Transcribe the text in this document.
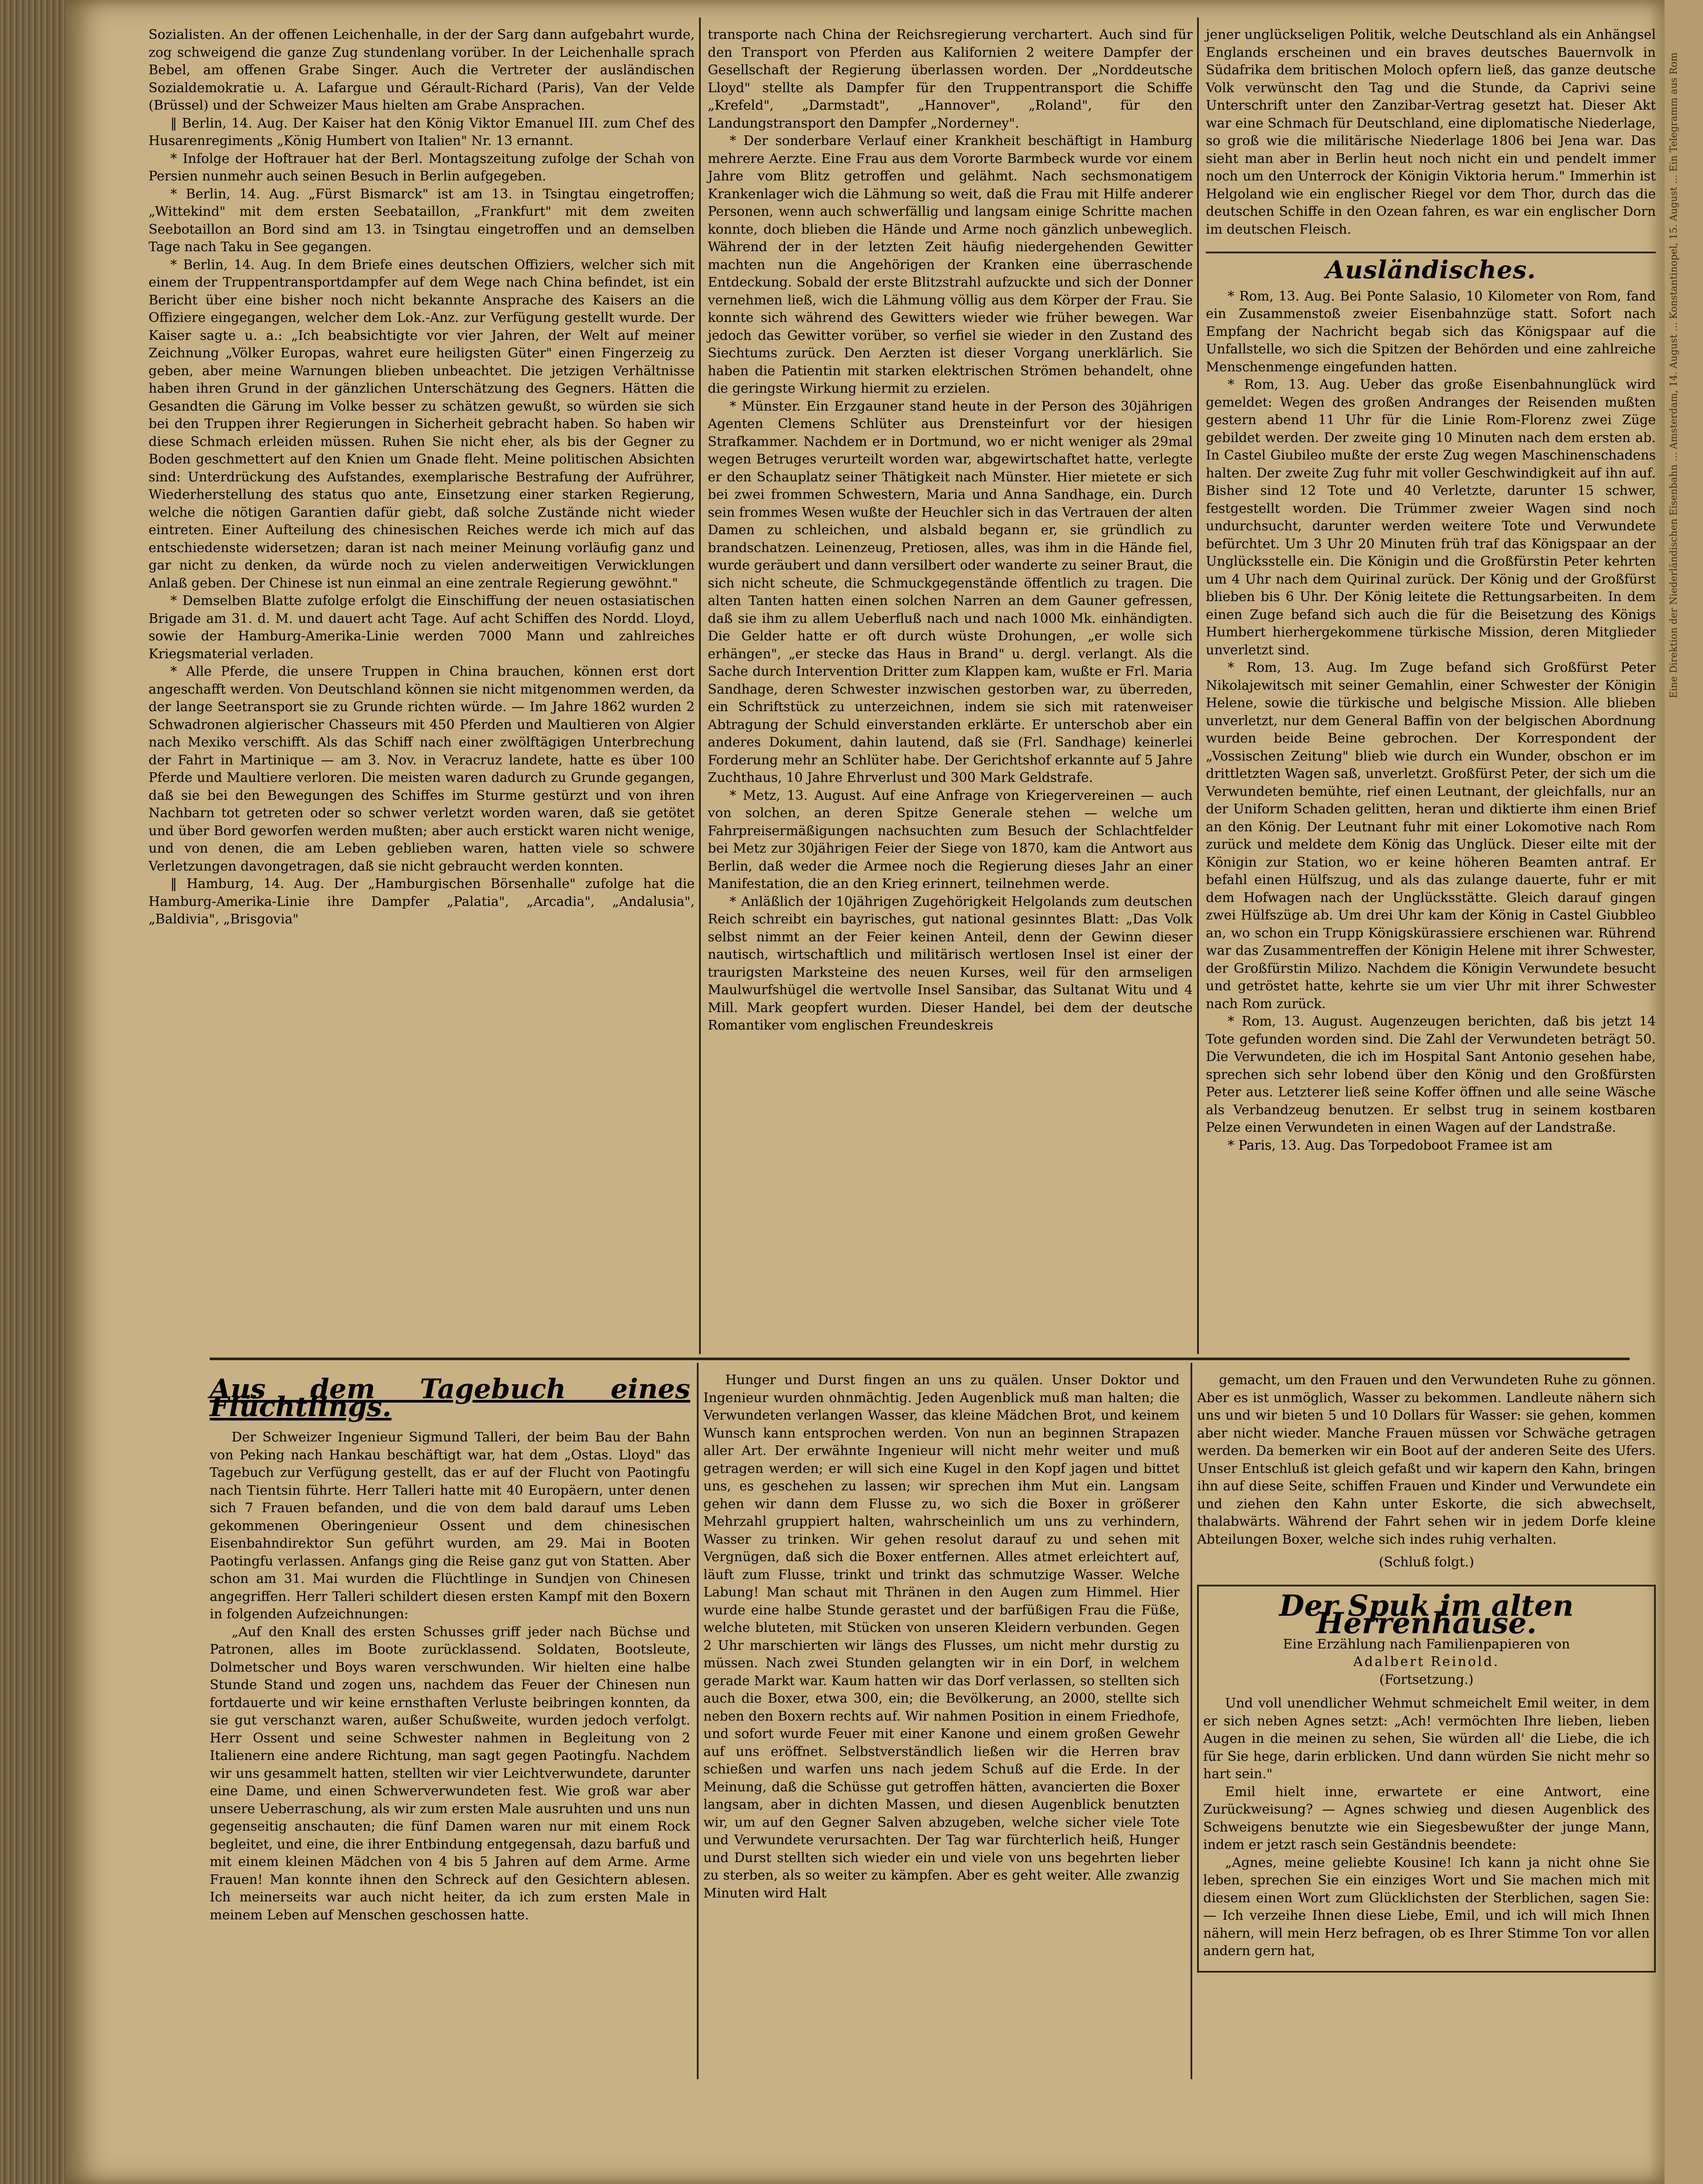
Sozialisten. An der offenen Leichenhalle, in der der Sarg dann aufgebahrt wurde, zog schweigend die ganze Zug stundenlang vorüber. In der Leichenhalle sprach Bebel, am offenen Grabe Singer. Auch die Vertreter der ausländischen Sozialdemokratie u. A. Lafargue und Gérault-Richard (Paris), Van der Velde (Brüssel) und der Schweizer Maus hielten am Grabe Ansprachen.

‖ Berlin, 14. Aug. Der Kaiser hat den König Viktor Emanuel III. zum Chef des Husarenregiments „König Humbert von Italien" Nr. 13 ernannt.

* Infolge der Hoftrauer hat der Berl. Montagszeitung zufolge der Schah von Persien nunmehr auch seinen Besuch in Berlin aufgegeben.

* Berlin, 14. Aug. „Fürst Bismarck" ist am 13. in Tsingtau eingetroffen; „Wittekind" mit dem ersten Seebataillon, „Frankfurt" mit dem zweiten Seebotaillon an Bord sind am 13. in Tsingtau eingetroffen und an demselben Tage nach Taku in See gegangen.

* Berlin, 14. Aug. In dem Briefe eines deutschen Offiziers, welcher sich mit einem der Truppentransportdampfer auf dem Wege nach China befindet, ist ein Bericht über eine bisher noch nicht bekannte Ansprache des Kaisers an die Offiziere eingegangen, welcher dem Lok.-Anz. zur Verfügung gestellt wurde. Der Kaiser sagte u. a.: „Ich beabsichtigte vor vier Jahren, der Welt auf meiner Zeichnung „Völker Europas, wahret eure heiligsten Güter" einen Fingerzeig zu geben, aber meine Warnungen blieben unbeachtet. Die jetzigen Verhältnisse haben ihren Grund in der gänzlichen Unterschätzung des Gegners. Hätten die Gesandten die Gärung im Volke besser zu schätzen gewußt, so würden sie sich bei den Truppen ihrer Regierungen in Sicherheit gebracht haben. So haben wir diese Schmach erleiden müssen. Ruhen Sie nicht eher, als bis der Gegner zu Boden geschmettert auf den Knien um Gnade fleht. Meine politischen Absichten sind: Unterdrückung des Aufstandes, exemplarische Bestrafung der Aufrührer, Wiederherstellung des status quo ante, Einsetzung einer starken Regierung, welche die nötigen Garantien dafür giebt, daß solche Zustände nicht wieder eintreten. Einer Aufteilung des chinesischen Reiches werde ich mich auf das entschiedenste widersetzen; daran ist nach meiner Meinung vorläufig ganz und gar nicht zu denken, da würde noch zu vielen anderweitigen Verwicklungen Anlaß geben. Der Chinese ist nun einmal an eine zentrale Regierung gewöhnt."

* Demselben Blatte zufolge erfolgt die Einschiffung der neuen ostasiatischen Brigade am 31. d. M. und dauert acht Tage. Auf acht Schiffen des Nordd. Lloyd, sowie der Hamburg-Amerika-Linie werden 7000 Mann und zahlreiches Kriegsmaterial verladen.

* Alle Pferde, die unsere Truppen in China brauchen, können erst dort angeschafft werden. Von Deutschland können sie nicht mitgenommen werden, da der lange Seetransport sie zu Grunde richten würde. — Im Jahre 1862 wurden 2 Schwadronen algierischer Chasseurs mit 450 Pferden und Maultieren von Algier nach Mexiko verschifft. Als das Schiff nach einer zwölftägigen Unterbrechung der Fahrt in Martinique — am 3. Nov. in Veracruz landete, hatte es über 100 Pferde und Maultiere verloren. Die meisten waren dadurch zu Grunde gegangen, daß sie bei den Bewegungen des Schiffes im Sturme gestürzt und von ihren Nachbarn tot getreten oder so schwer verletzt worden waren, daß sie getötet und über Bord geworfen werden mußten; aber auch erstickt waren nicht wenige, und von denen, die am Leben geblieben waren, hatten viele so schwere Verletzungen davongetragen, daß sie nicht gebraucht werden konnten.

‖ Hamburg, 14. Aug. Der „Hamburgischen Börsenhalle" zufolge hat die Hamburg-Amerika-Linie ihre Dampfer „Palatia", „Arcadia", „Andalusia", „Baldivia", „Brisgovia"

transporte nach China der Reichsregierung verchartert. Auch sind für den Transport von Pferden aus Kalifornien 2 weitere Dampfer der Gesellschaft der Regierung überlassen worden. Der „Norddeutsche Lloyd" stellte als Dampfer für den Truppentransport die Schiffe „Krefeld", „Darmstadt", „Hannover", „Roland", für den Landungstransport den Dampfer „Norderney".

* Der sonderbare Verlauf einer Krankheit beschäftigt in Hamburg mehrere Aerzte. Eine Frau aus dem Vororte Barmbeck wurde vor einem Jahre vom Blitz getroffen und gelähmt. Nach sechsmonatigem Krankenlager wich die Lähmung so weit, daß die Frau mit Hilfe anderer Personen, wenn auch schwerfällig und langsam einige Schritte machen konnte, doch blieben die Hände und Arme noch gänzlich unbeweglich. Während der in der letzten Zeit häufig niedergehenden Gewitter machten nun die Angehörigen der Kranken eine überraschende Entdeckung. Sobald der erste Blitzstrahl aufzuckte und sich der Donner vernehmen ließ, wich die Lähmung völlig aus dem Körper der Frau. Sie konnte sich während des Gewitters wieder wie früher bewegen. War jedoch das Gewitter vorüber, so verfiel sie wieder in den Zustand des Siechtums zurück. Den Aerzten ist dieser Vorgang unerklärlich. Sie haben die Patientin mit starken elektrischen Strömen behandelt, ohne die geringste Wirkung hiermit zu erzielen.

* Münster. Ein Erzgauner stand heute in der Person des 30jährigen Agenten Clemens Schlüter aus Drensteinfurt vor der hiesigen Strafkammer. Nachdem er in Dortmund, wo er nicht weniger als 29mal wegen Betruges verurteilt worden war, abgewirtschaftet hatte, verlegte er den Schauplatz seiner Thätigkeit nach Münster. Hier mietete er sich bei zwei frommen Schwestern, Maria und Anna Sandhage, ein. Durch sein frommes Wesen wußte der Heuchler sich in das Vertrauen der alten Damen zu schleichen, und alsbald begann er, sie gründlich zu brandschatzen. Leinenzeug, Pretiosen, alles, was ihm in die Hände fiel, wurde geräubert und dann versilbert oder wanderte zu seiner Braut, die sich nicht scheute, die Schmuckgegenstände öffentlich zu tragen. Die alten Tanten hatten einen solchen Narren an dem Gauner gefressen, daß sie ihm zu allem Ueberfluß nach und nach 1000 Mk. einhändigten. Die Gelder hatte er oft durch wüste Drohungen, „er wolle sich erhängen", „er stecke das Haus in Brand" u. dergl. verlangt. Als die Sache durch Intervention Dritter zum Klappen kam, wußte er Frl. Maria Sandhage, deren Schwester inzwischen gestorben war, zu überreden, ein Schriftstück zu unterzeichnen, indem sie sich mit ratenweiser Abtragung der Schuld einverstanden erklärte. Er unterschob aber ein anderes Dokument, dahin lautend, daß sie (Frl. Sandhage) keinerlei Forderung mehr an Schlüter habe. Der Gerichtshof erkannte auf 5 Jahre Zuchthaus, 10 Jahre Ehrverlust und 300 Mark Geldstrafe.

* Metz, 13. August. Auf eine Anfrage von Kriegervereinen — auch von solchen, an deren Spitze Generale stehen — welche um Fahrpreisermäßigungen nachsuchten zum Besuch der Schlachtfelder bei Metz zur 30jährigen Feier der Siege von 1870, kam die Antwort aus Berlin, daß weder die Armee noch die Regierung dieses Jahr an einer Manifestation, die an den Krieg erinnert, teilnehmen werde.

* Anläßlich der 10jährigen Zugehörigkeit Helgolands zum deutschen Reich schreibt ein bayrisches, gut national gesinntes Blatt: „Das Volk selbst nimmt an der Feier keinen Anteil, denn der Gewinn dieser nautisch, wirtschaftlich und militärisch wertlosen Insel ist einer der traurigsten Marksteine des neuen Kurses, weil für den armseligen Maulwurfshügel die wertvolle Insel Sansibar, das Sultanat Witu und 4 Mill. Mark geopfert wurden. Dieser Handel, bei dem der deutsche Romantiker vom englischen Freundeskreis

jener unglückseligen Politik, welche Deutschland als ein Anhängsel Englands erscheinen und ein braves deutsches Bauernvolk in Südafrika dem britischen Moloch opfern ließ, das ganze deutsche Volk verwünscht den Tag und die Stunde, da Caprivi seine Unterschrift unter den Zanzibar-Vertrag gesetzt hat. Dieser Akt war eine Schmach für Deutschland, eine diplomatische Niederlage, so groß wie die militärische Niederlage 1806 bei Jena war. Das sieht man aber in Berlin heut noch nicht ein und pendelt immer noch um den Unterrock der Königin Viktoria herum." Immerhin ist Helgoland wie ein englischer Riegel vor dem Thor, durch das die deutschen Schiffe in den Ozean fahren, es war ein englischer Dorn im deutschen Fleisch.

Ausländisches.

* Rom, 13. Aug. Bei Ponte Salasio, 10 Kilometer von Rom, fand ein Zusammenstoß zweier Eisenbahnzüge statt. Sofort nach Empfang der Nachricht begab sich das Königspaar auf die Unfallstelle, wo sich die Spitzen der Behörden und eine zahlreiche Menschenmenge eingefunden hatten.

* Rom, 13. Aug. Ueber das große Eisenbahnunglück wird gemeldet: Wegen des großen Andranges der Reisenden mußten gestern abend 11 Uhr für die Linie Rom-Florenz zwei Züge gebildet werden. Der zweite ging 10 Minuten nach dem ersten ab. In Castel Giubileo mußte der erste Zug wegen Maschinenschadens halten. Der zweite Zug fuhr mit voller Geschwindigkeit auf ihn auf. Bisher sind 12 Tote und 40 Verletzte, darunter 15 schwer, festgestellt worden. Die Trümmer zweier Wagen sind noch undurchsucht, darunter werden weitere Tote und Verwundete befürchtet. Um 3 Uhr 20 Minuten früh traf das Königspaar an der Unglücksstelle ein. Die Königin und die Großfürstin Peter kehrten um 4 Uhr nach dem Quirinal zurück. Der König und der Großfürst blieben bis 6 Uhr. Der König leitete die Rettungsarbeiten. In dem einen Zuge befand sich auch die für die Beisetzung des Königs Humbert hierhergekommene türkische Mission, deren Mitglieder unverletzt sind.

* Rom, 13. Aug. Im Zuge befand sich Großfürst Peter Nikolajewitsch mit seiner Gemahlin, einer Schwester der Königin Helene, sowie die türkische und belgische Mission. Alle blieben unverletzt, nur dem General Baffin von der belgischen Abordnung wurden beide Beine gebrochen. Der Korrespondent der „Vossischen Zeitung" blieb wie durch ein Wunder, obschon er im drittletzten Wagen saß, unverletzt. Großfürst Peter, der sich um die Verwundeten bemühte, rief einen Leutnant, der gleichfalls, nur an der Uniform Schaden gelitten, heran und diktierte ihm einen Brief an den König. Der Leutnant fuhr mit einer Lokomotive nach Rom zurück und meldete dem König das Unglück. Dieser eilte mit der Königin zur Station, wo er keine höheren Beamten antraf. Er befahl einen Hülfszug, und als das zulange dauerte, fuhr er mit dem Hofwagen nach der Unglücksstätte. Gleich darauf gingen zwei Hülfszüge ab. Um drei Uhr kam der König in Castel Giubbleo an, wo schon ein Trupp Königskürassiere erschienen war. Rührend war das Zusammentreffen der Königin Helene mit ihrer Schwester, der Großfürstin Milizo. Nachdem die Königin Verwundete besucht und getröstet hatte, kehrte sie um vier Uhr mit ihrer Schwester nach Rom zurück.

* Rom, 13. August. Augenzeugen berichten, daß bis jetzt 14 Tote gefunden worden sind. Die Zahl der Verwundeten beträgt 50. Die Verwundeten, die ich im Hospital Sant Antonio gesehen habe, sprechen sich sehr lobend über den König und den Großfürsten Peter aus. Letzterer ließ seine Koffer öffnen und alle seine Wäsche als Verbandzeug benutzen. Er selbst trug in seinem kostbaren Pelze einen Verwundeten in einen Wagen auf der Landstraße.

* Paris, 13. Aug. Das Torpedoboot Framee ist am

Aus dem Tagebuch eines Flüchtlings.

Der Schweizer Ingenieur Sigmund Talleri, der beim Bau der Bahn von Peking nach Hankau beschäftigt war, hat dem „Ostas. Lloyd" das Tagebuch zur Verfügung gestellt, das er auf der Flucht von Paotingfu nach Tientsin führte. Herr Talleri hatte mit 40 Europäern, unter denen sich 7 Frauen befanden, und die von dem bald darauf ums Leben gekommenen Oberingenieur Ossent und dem chinesischen Eisenbahndirektor Sun geführt wurden, am 29. Mai in Booten Paotingfu verlassen. Anfangs ging die Reise ganz gut von Statten. Aber schon am 31. Mai wurden die Flüchtlinge in Sundjen von Chinesen angegriffen. Herr Talleri schildert diesen ersten Kampf mit den Boxern in folgenden Aufzeichnungen:

„Auf den Knall des ersten Schusses griff jeder nach Büchse und Patronen, alles im Boote zurücklassend. Soldaten, Bootsleute, Dolmetscher und Boys waren verschwunden. Wir hielten eine halbe Stunde Stand und zogen uns, nachdem das Feuer der Chinesen nun fortdauerte und wir keine ernsthaften Verluste beibringen konnten, da sie gut verschanzt waren, außer Schußweite, wurden jedoch verfolgt. Herr Ossent und seine Schwester nahmen in Begleitung von 2 Italienern eine andere Richtung, man sagt gegen Paotingfu. Nachdem wir uns gesammelt hatten, stellten wir vier Leichtverwundete, darunter eine Dame, und einen Schwerverwundeten fest. Wie groß war aber unsere Ueberraschung, als wir zum ersten Male ausruhten und uns nun gegenseitig anschauten; die fünf Damen waren nur mit einem Rock begleitet, und eine, die ihrer Entbindung entgegensah, dazu barfuß und mit einem kleinen Mädchen von 4 bis 5 Jahren auf dem Arme. Arme Frauen! Man konnte ihnen den Schreck auf den Gesichtern ablesen. Ich meinerseits war auch nicht heiter, da ich zum ersten Male in meinem Leben auf Menschen geschossen hatte.

Hunger und Durst fingen an uns zu quälen. Unser Doktor und Ingenieur wurden ohnmächtig. Jeden Augenblick muß man halten; die Verwundeten verlangen Wasser, das kleine Mädchen Brot, und keinem Wunsch kann entsprochen werden. Von nun an beginnen Strapazen aller Art. Der erwähnte Ingenieur will nicht mehr weiter und muß getragen werden; er will sich eine Kugel in den Kopf jagen und bittet uns, es geschehen zu lassen; wir sprechen ihm Mut ein. Langsam gehen wir dann dem Flusse zu, wo sich die Boxer in größerer Mehrzahl gruppiert halten, wahrscheinlich um uns zu verhindern, Wasser zu trinken. Wir gehen resolut darauf zu und sehen mit Vergnügen, daß sich die Boxer entfernen. Alles atmet erleichtert auf, läuft zum Flusse, trinkt und trinkt das schmutzige Wasser. Welche Labung! Man schaut mit Thränen in den Augen zum Himmel. Hier wurde eine halbe Stunde gerastet und der barfüßigen Frau die Füße, welche bluteten, mit Stücken von unseren Kleidern verbunden. Gegen 2 Uhr marschierten wir längs des Flusses, um nicht mehr durstig zu müssen. Nach zwei Stunden gelangten wir in ein Dorf, in welchem gerade Markt war. Kaum hatten wir das Dorf verlassen, so stellten sich auch die Boxer, etwa 300, ein; die Bevölkerung, an 2000, stellte sich neben den Boxern rechts auf. Wir nahmen Position in einem Friedhofe, und sofort wurde Feuer mit einer Kanone und einem großen Gewehr auf uns eröffnet. Selbstverständlich ließen wir die Herren brav schießen und warfen uns nach jedem Schuß auf die Erde. In der Meinung, daß die Schüsse gut getroffen hätten, avancierten die Boxer langsam, aber in dichten Massen, und diesen Augenblick benutzten wir, um auf den Gegner Salven abzugeben, welche sicher viele Tote und Verwundete verursachten. Der Tag war fürchterlich heiß, Hunger und Durst stellten sich wieder ein und viele von uns begehrten lieber zu sterben, als so weiter zu kämpfen. Aber es geht weiter. Alle zwanzig Minuten wird Halt

gemacht, um den Frauen und den Verwundeten Ruhe zu gönnen. Aber es ist unmöglich, Wasser zu bekommen. Landleute nähern sich uns und wir bieten 5 und 10 Dollars für Wasser: sie gehen, kommen aber nicht wieder. Manche Frauen müssen vor Schwäche getragen werden. Da bemerken wir ein Boot auf der anderen Seite des Ufers. Unser Entschluß ist gleich gefaßt und wir kapern den Kahn, bringen ihn auf diese Seite, schiffen Frauen und Kinder und Verwundete ein und ziehen den Kahn unter Eskorte, die sich abwechselt, thalabwärts. Während der Fahrt sehen wir in jedem Dorfe kleine Abteilungen Boxer, welche sich indes ruhig verhalten.

(Schluß folgt.)

Der Spuk im alten Herrenhause.

Eine Erzählung nach Familienpapieren von

Adalbert Reinold.

(Fortsetzung.)

Und voll unendlicher Wehmut schmeichelt Emil weiter, in dem er sich neben Agnes setzt: „Ach! vermöchten Ihre lieben, lieben Augen in die meinen zu sehen, Sie würden all' die Liebe, die ich für Sie hege, darin erblicken. Und dann würden Sie nicht mehr so hart sein."

Emil hielt inne, erwartete er eine Antwort, eine Zurückweisung? — Agnes schwieg und diesen Augenblick des Schweigens benutzte wie ein Siegesbewußter der junge Mann, indem er jetzt rasch sein Geständnis beendete:

„Agnes, meine geliebte Kousine! Ich kann ja nicht ohne Sie leben, sprechen Sie ein einziges Wort und Sie machen mich mit diesem einen Wort zum Glücklichsten der Sterblichen, sagen Sie: — Ich verzeihe Ihnen diese Liebe, Emil, und ich will mich Ihnen nähern, will mein Herz befragen, ob es Ihrer Stimme Ton vor allen andern gern hat,

Eine Direktion der Niederländischen Eisenbahn ... Amsterdam, 14. August ... Konstantinopel, 15. August ... Ein Telegramm aus Rom
